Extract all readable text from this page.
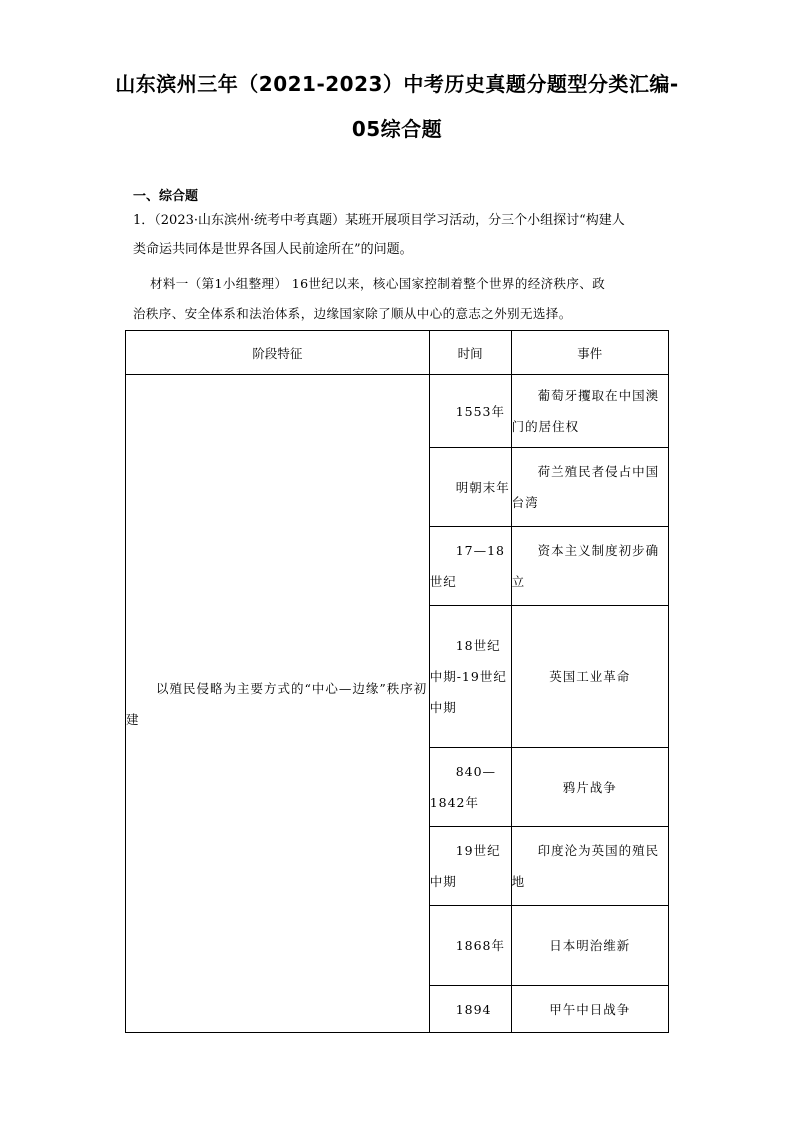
山东滨州三年（2021-2023）中考历史真题分题型分类汇编-
05综合题
一、综合题
1．（2023·山东滨州·统考中考真题）某班开展项目学习活动，分三个小组探讨“构建人
类命运共同体是世界各国人民前途所在”的问题。
材料一（第1小组整理） 16世纪以来，核心国家控制着整个世界的经济秩序、政
治秩序、安全体系和法治体系，边缘国家除了顺从中心的意志之外别无选择。
阶段特征	时间	事件
以殖民侵略为主要方式的“中心—边缘”秩序初建	1553年	葡萄牙攫取在中国澳门的居住权
	明朝末年	荷兰殖民者侵占中国台湾
	17—18世纪	资本主义制度初步确立
	18世纪中期-19世纪中期	英国工业革命
	840—1842年	鸦片战争
	19世纪中期	印度沦为英国的殖民地
	1868年	日本明治维新
	1894	甲午中日战争
